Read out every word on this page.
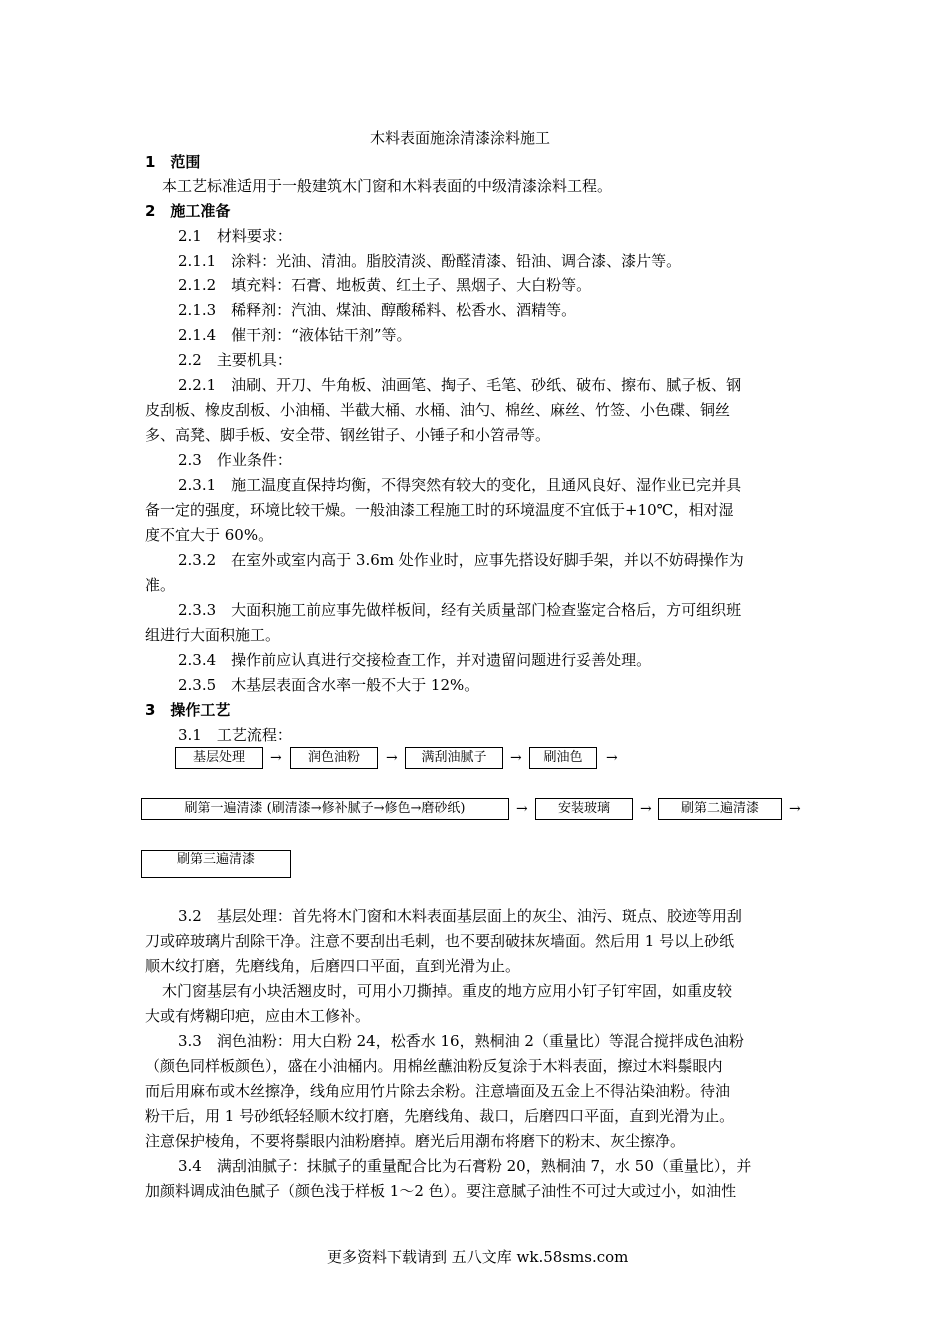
木料表面施涂清漆涂料施工
1　范围
本工艺标准适用于一般建筑木门窗和木料表面的中级清漆涂料工程。
2　施工准备
2.1　材料要求：
2.1.1　涂料：光油、清油。脂胶清淡、酚醛清漆、铅油、调合漆、漆片等。
2.1.2　填充料：石膏、地板黄、红土子、黑烟子、大白粉等。
2.1.3　稀释剂：汽油、煤油、醇酸稀料、松香水、酒精等。
2.1.4　催干剂：“液体钴干剂”等。
2.2　主要机具：
2.2.1　油刷、开刀、牛角板、油画笔、掏子、毛笔、砂纸、破布、擦布、腻子板、钢
皮刮板、橡皮刮板、小油桶、半截大桶、水桶、油勺、棉丝、麻丝、竹签、小色碟、铜丝
多、高凳、脚手板、安全带、钢丝钳子、小锤子和小笤帚等。
2.3　作业条件：
2.3.1　施工温度直保持均衡，不得突然有较大的变化，且通风良好、湿作业已完并具
备一定的强度，环境比较干燥。一般油漆工程施工时的环境温度不宜低于+10℃，相对湿
度不宜大于 60%。
2.3.2　在室外或室内高于 3.6m 处作业时，应事先搭设好脚手架，并以不妨碍操作为
准。
2.3.3　大面积施工前应事先做样板间，经有关质量部门检查鉴定合格后，方可组织班
组进行大面积施工。
2.3.4　操作前应认真进行交接检查工作，并对遗留问题进行妥善处理。
2.3.5　木基层表面含水率一般不大于 12%。
3　操作工艺
3.1　工艺流程：
基层处理	→	润色油粉	→	满刮油腻子	→	刷油色	→
刷第一遍清漆 (刷清漆→修补腻子→修色→磨砂纸)	→	安装玻璃	→	刷第二遍清漆	→
刷第三遍清漆
3.2　基层处理：首先将木门窗和木料表面基层面上的灰尘、油污、斑点、胶迹等用刮
刀或碎玻璃片刮除干净。注意不要刮出毛刺，也不要刮破抹灰墙面。然后用 1 号以上砂纸
顺木纹打磨，先磨线角，后磨四口平面，直到光滑为止。
木门窗基层有小块活翘皮时，可用小刀撕掉。重皮的地方应用小钉子钉牢固，如重皮较
大或有烤糊印疤，应由木工修补。
3.3　润色油粉：用大白粉 24，松香水 16，熟桐油 2（重量比）等混合搅拌成色油粉
（颜色同样板颜色），盛在小油桶内。用棉丝蘸油粉反复涂于木料表面，擦过木料鬃眼内
而后用麻布或木丝擦净，线角应用竹片除去余粉。注意墙面及五金上不得沾染油粉。待油
粉干后，用 1 号砂纸轻轻顺木纹打磨，先磨线角、裁口，后磨四口平面，直到光滑为止。
注意保护棱角，不要将鬃眼内油粉磨掉。磨光后用潮布将磨下的粉末、灰尘擦净。
3.4　满刮油腻子：抹腻子的重量配合比为石膏粉 20，熟桐油 7，水 50（重量比），并
加颜料调成油色腻子（颜色浅于样板 1～2 色）。要注意腻子油性不可过大或过小，如油性
更多资料下载请到 五八文库 wk.58sms.com
